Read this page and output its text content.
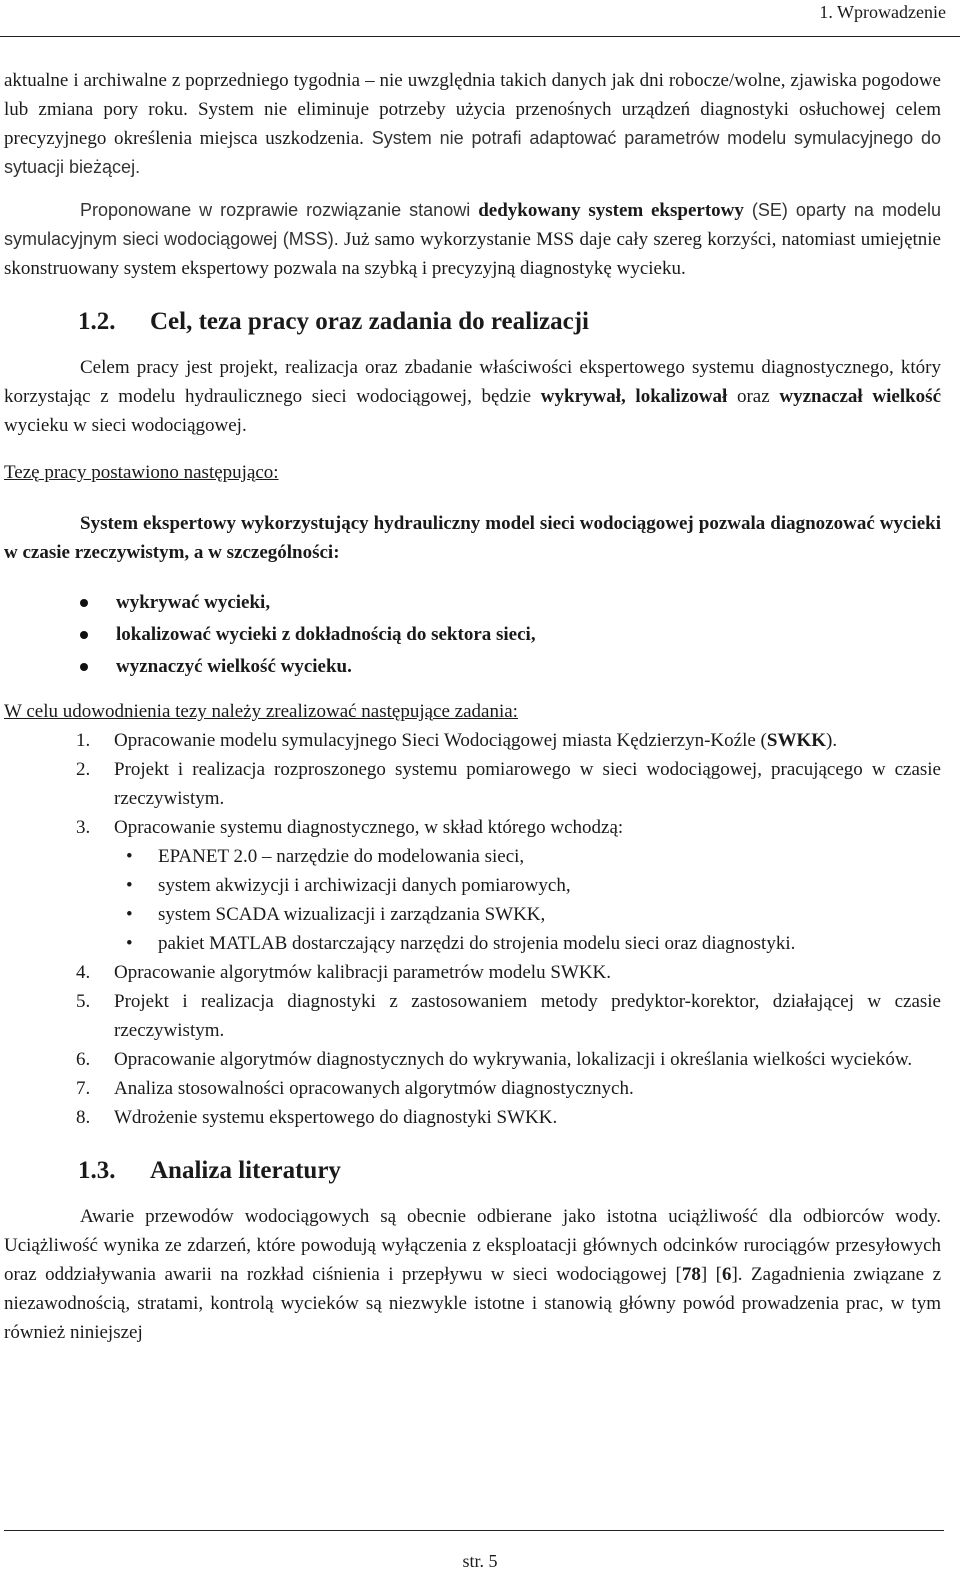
1. Wprowadzenie

aktualne i archiwalne z poprzedniego tygodnia – nie uwzględnia takich danych jak dni robocze/wolne, zjawiska pogodowe lub zmiana pory roku. System nie eliminuje potrzeby użycia przenośnych urządzeń diagnostyki osłuchowej celem precyzyjnego określenia miejsca uszkodzenia. System nie potrafi adaptować parametrów modelu symulacyjnego do sytuacji bieżącej.

Proponowane w rozprawie rozwiązanie stanowi dedykowany system ekspertowy (SE) oparty na modelu symulacyjnym sieci wodociągowej (MSS). Już samo wykorzystanie MSS daje cały szereg korzyści, natomiast umiejętnie skonstruowany system ekspertowy pozwala na szybką i precyzyjną diagnostykę wycieku.

1.2.	Cel, teza pracy oraz zadania do realizacji

Celem pracy jest projekt, realizacja oraz zbadanie właściwości ekspertowego systemu diagnostycznego, który korzystając z modelu hydraulicznego sieci wodociągowej, będzie wykrywał, lokalizował oraz wyznaczał wielkość wycieku w sieci wodociągowej.

Tezę pracy postawiono następująco:

System ekspertowy wykorzystujący hydrauliczny model sieci wodociągowej pozwala diagnozować wycieki w czasie rzeczywistym, a w szczególności:

wykrywać wycieki,
lokalizować wycieki z dokładnością do sektora sieci,
wyznaczyć wielkość wycieku.

W celu udowodnienia tezy należy zrealizować następujące zadania:

1. Opracowanie modelu symulacyjnego Sieci Wodociągowej miasta Kędzierzyn-Koźle (SWKK).
2. Projekt i realizacja rozproszonego systemu pomiarowego w sieci wodociągowej, pracującego w czasie rzeczywistym.
3. Opracowanie systemu diagnostycznego, w skład którego wchodzą:
• EPANET 2.0 – narzędzie do modelowania sieci,
• system akwizycji i archiwizacji danych pomiarowych,
• system SCADA wizualizacji i zarządzania SWKK,
• pakiet MATLAB dostarczający narzędzi do strojenia modelu sieci oraz diagnostyki.
4. Opracowanie algorytmów kalibracji parametrów modelu SWKK.
5. Projekt i realizacja diagnostyki z zastosowaniem metody predyktor-korektor, działającej w czasie rzeczywistym.
6. Opracowanie algorytmów diagnostycznych do wykrywania, lokalizacji i określania wielkości wycieków.
7. Analiza stosowalności opracowanych algorytmów diagnostycznych.
8. Wdrożenie systemu ekspertowego do diagnostyki SWKK.
1.3.	Analiza literatury

Awarie przewodów wodociągowych są obecnie odbierane jako istotna uciążliwość dla odbiorców wody. Uciążliwość wynika ze zdarzeń, które powodują wyłączenia z eksploatacji głównych odcinków rurociągów przesyłowych oraz oddziaływania awarii na rozkład ciśnienia i przepływu w sieci wodociągowej [78] [6]. Zagadnienia związane z niezawodnością, stratami, kontrolą wycieków są niezwykle istotne i stanowią główny powód prowadzenia prac, w tym również niniejszej

str. 5
